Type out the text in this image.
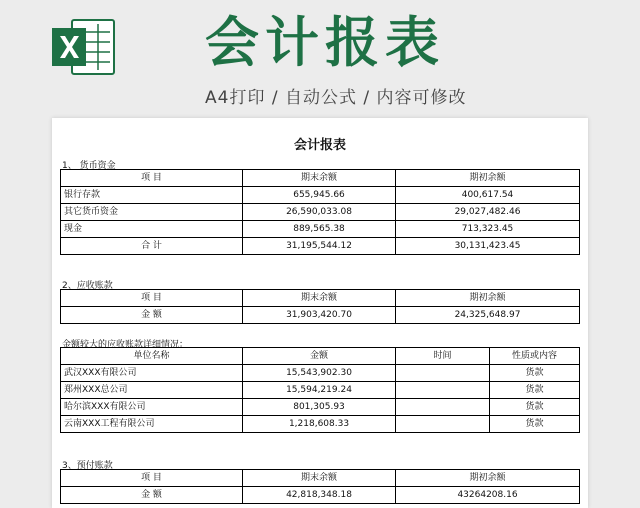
会计报表
A4打印 / 自动公式 / 内容可修改
会计报表
1、 货币资金
项 目	期末余额	期初余额
银行存款	655,945.66	400,617.54
其它货币资金	26,590,033.08	29,027,482.46
现金	889,565.38	713,323.45
合 计	31,195,544.12	30,131,423.45
2、应收账款
项 目	期末余额	期初余额
金 额	31,903,420.70	24,325,648.97
金额较大的应收账款详细情况：
单位名称	金额	时间	性质或内容
武汉XXX有限公司	15,543,902.30		货款
郑州XXX总公司	15,594,219.24		货款
哈尔滨XXX有限公司	801,305.93		货款
云南XXX工程有限公司	1,218,608.33		货款
3、预付账款
项 目	期末余额	期初余额
金 额	42,818,348.18	43264208.16
